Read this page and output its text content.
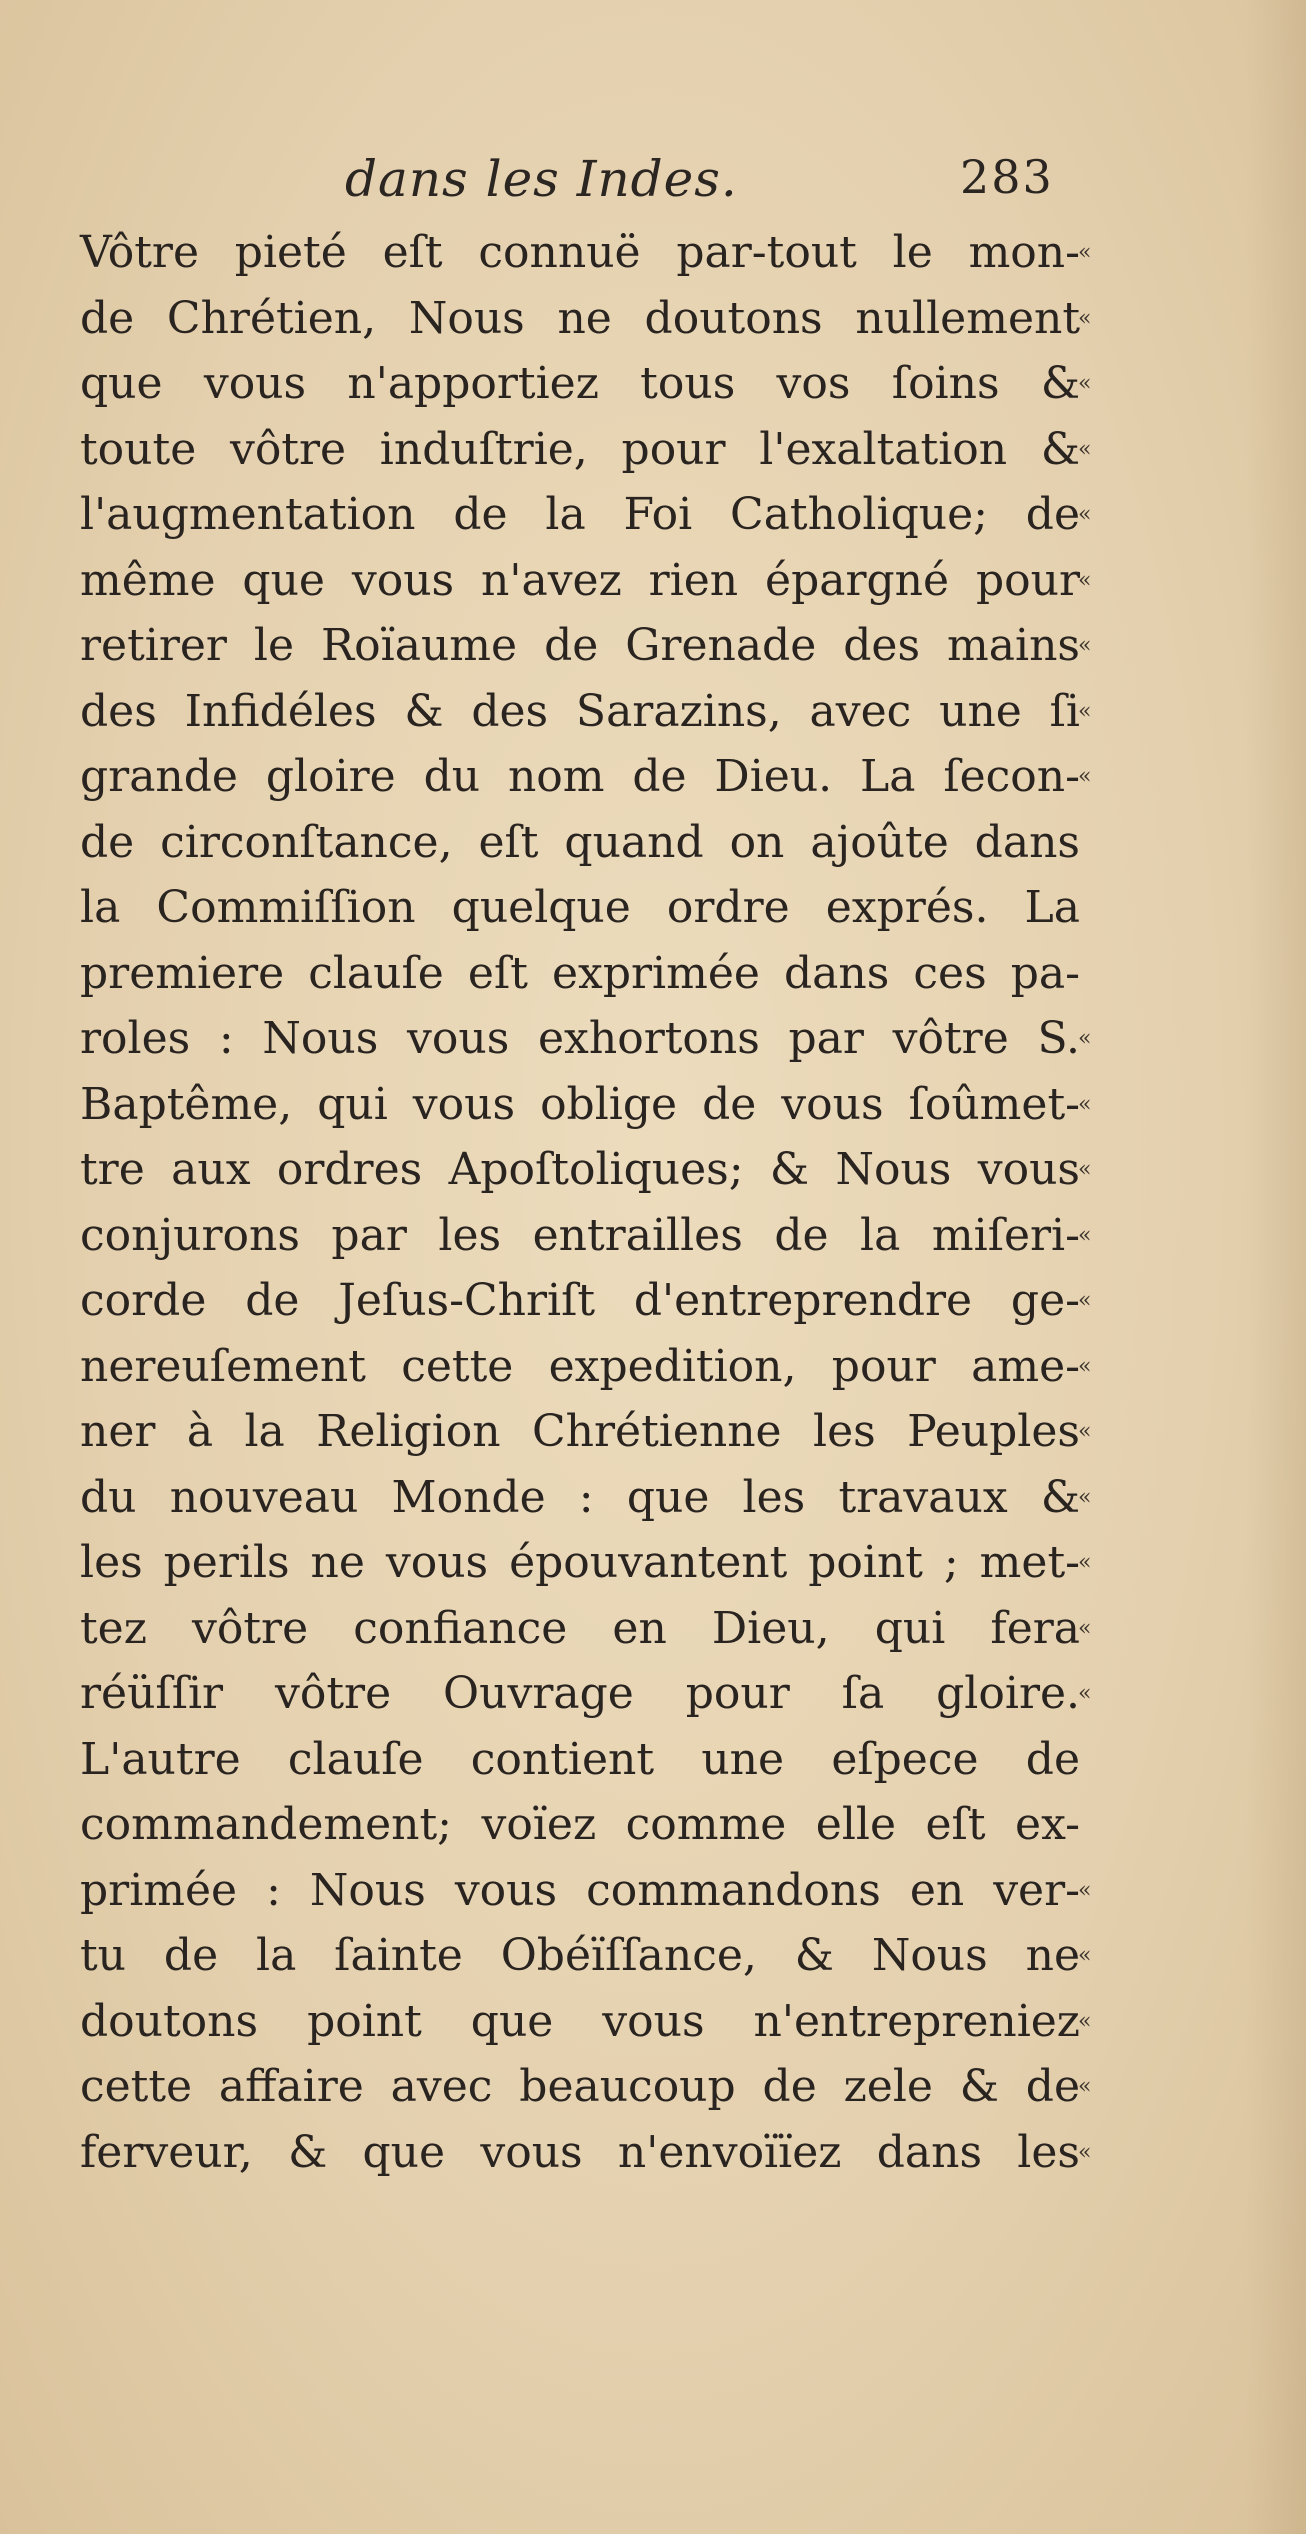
dans les Indes.	283
Vôtre pieté eſt connuë par-tout le mon-
de Chrétien, Nous ne doutons nullement
que vous n'apportiez tous vos ſoins &
toute vôtre induſtrie, pour l'exaltation &
l'augmentation de la Foi Catholique; de
même que vous n'avez rien épargné pour
retirer le Roïaume de Grenade des mains
des Infidéles & des Sarazins, avec une ſi
grande gloire du nom de Dieu. La ſecon-
de circonſtance, eſt quand on ajoûte dans
la Commiſſion quelque ordre exprés. La
premiere clauſe eſt exprimée dans ces pa-
roles : Nous vous exhortons par vôtre S.
Baptême, qui vous oblige de vous ſoûmet-
tre aux ordres Apoſtoliques; & Nous vous
conjurons par les entrailles de la miſeri-
corde de Jeſus-Chriſt d'entreprendre ge-
nereuſement cette expedition, pour ame-
ner à la Religion Chrétienne les Peuples
du nouveau Monde : que les travaux &
les perils ne vous épouvantent point ; met-
tez vôtre confiance en Dieu, qui fera
réüſſir vôtre Ouvrage pour ſa gloire.
L'autre clauſe contient une eſpece de
commandement; voïez comme elle eſt ex-
primée : Nous vous commandons en ver-
tu de la ſainte Obéïſſance, & Nous ne
doutons point que vous n'entrepreniez
cette affaire avec beaucoup de zele & de
ferveur, & que vous n'envoïïez dans les
«
«
«
«
«
«
«
«
«
«
«
«
«
«
«
«
«
«
«
«
«
«
«
«
«
